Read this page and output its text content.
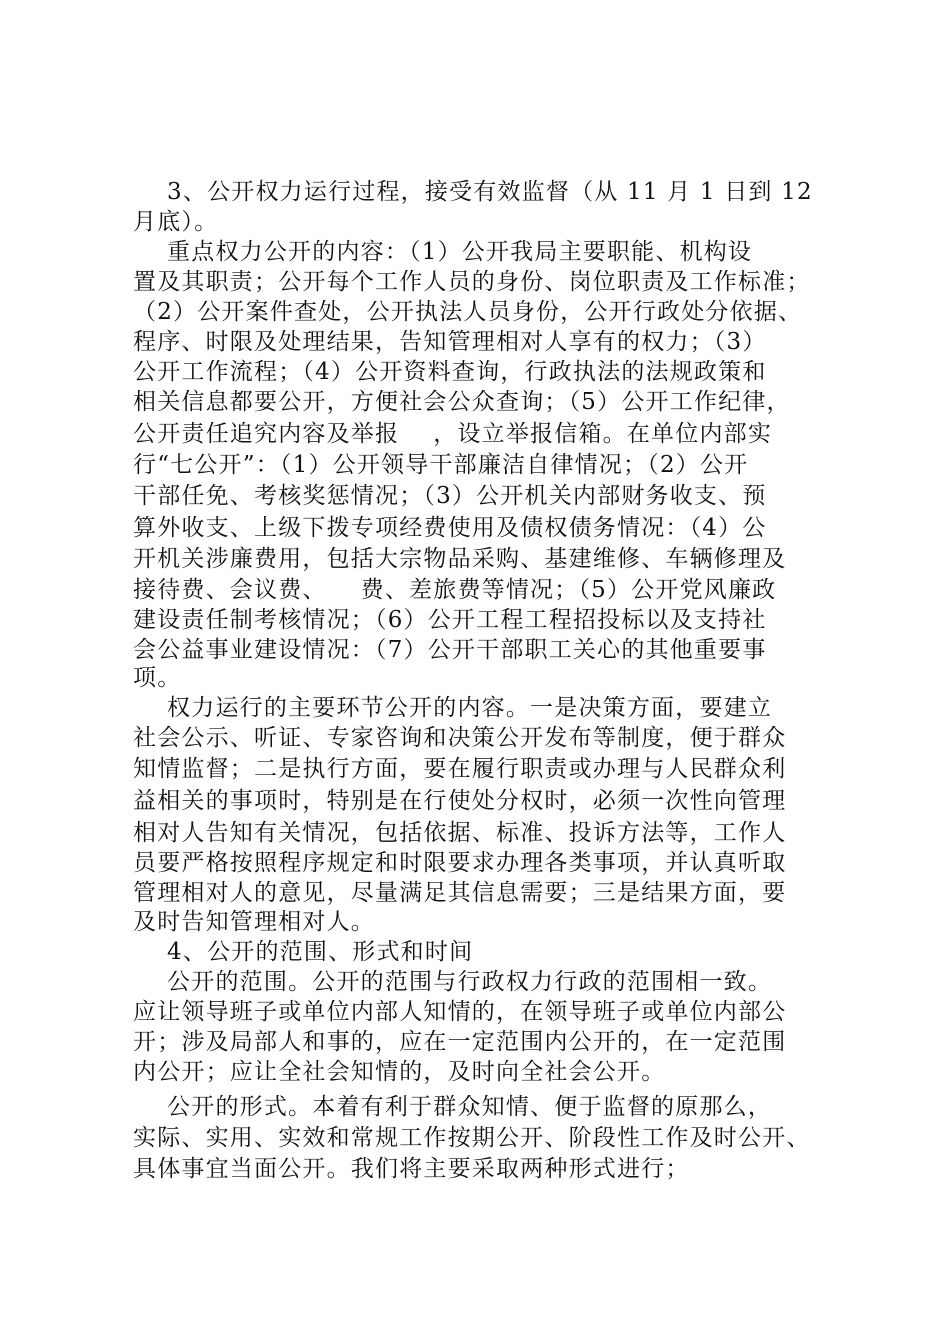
3、公开权力运行过程，接受有效监督（从 11 月 1 日到 12
月底）。
重点权力公开的内容：（1）公开我局主要职能、机构设
置及其职责；公开每个工作人员的身份、岗位职责及工作标准；
（2）公开案件查处，公开执法人员身份，公开行政处分依据、
程序、时限及处理结果，告知管理相对人享有的权力；（3）
公开工作流程；（4）公开资料查询，行政执法的法规政策和
相关信息都要公开，方便社会公众查询；（5）公开工作纪律，
公开责任追究内容及举报    ，设立举报信箱。在单位内部实
行“七公开”：（1）公开领导干部廉洁自律情况；（2）公开
干部任免、考核奖惩情况；（3）公开机关内部财务收支、预
算外收支、上级下拨专项经费使用及债权债务情况：（4）公
开机关涉廉费用，包括大宗物品采购、基建维修、车辆修理及
接待费、会议费、    费、差旅费等情况；（5）公开党风廉政
建设责任制考核情况；（6）公开工程工程招投标以及支持社
会公益事业建设情况：（7）公开干部职工关心的其他重要事
项。
权力运行的主要环节公开的内容。一是决策方面，要建立
社会公示、听证、专家咨询和决策公开发布等制度，便于群众
知情监督；二是执行方面，要在履行职责或办理与人民群众利
益相关的事项时，特别是在行使处分权时，必须一次性向管理
相对人告知有关情况，包括依据、标准、投诉方法等，工作人
员要严格按照程序规定和时限要求办理各类事项，并认真听取
管理相对人的意见，尽量满足其信息需要；三是结果方面，要
及时告知管理相对人。
4、公开的范围、形式和时间
公开的范围。公开的范围与行政权力行政的范围相一致。
应让领导班子或单位内部人知情的，在领导班子或单位内部公
开；涉及局部人和事的，应在一定范围内公开的，在一定范围
内公开；应让全社会知情的，及时向全社会公开。
公开的形式。本着有利于群众知情、便于监督的原那么，
实际、实用、实效和常规工作按期公开、阶段性工作及时公开、
具体事宜当面公开。我们将主要采取两种形式进行；
